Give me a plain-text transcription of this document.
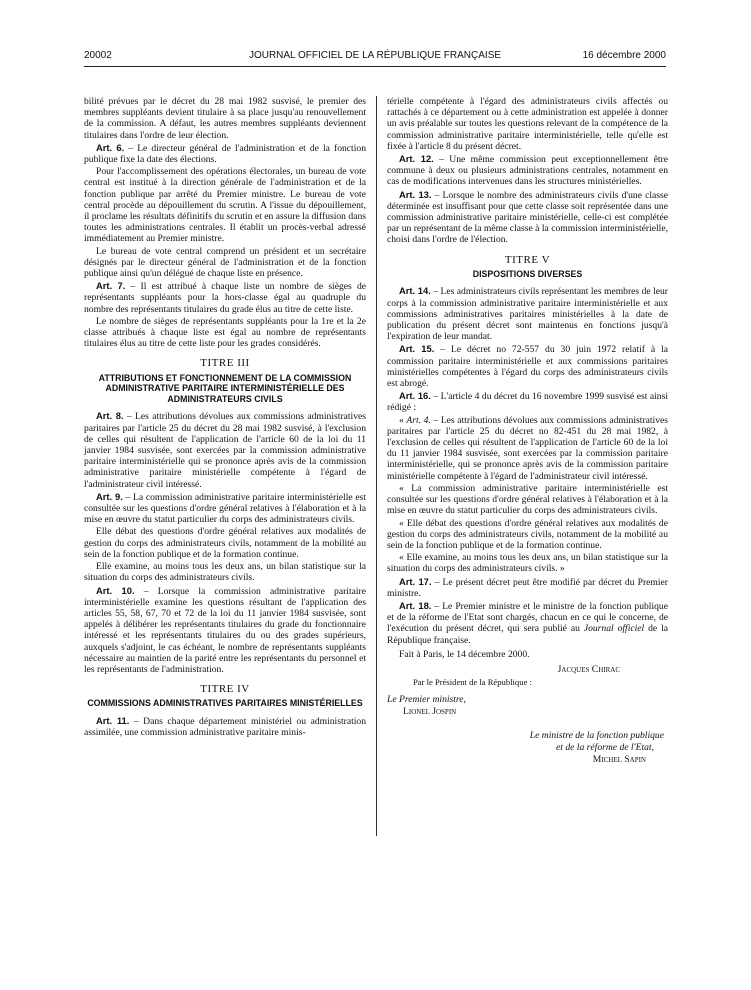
20002	JOURNAL OFFICIEL DE LA RÉPUBLIQUE FRANÇAISE	16 décembre 2000

bilité prévues par le décret du 28 mai 1982 susvisé, le premier des membres suppléants devient titulaire à sa place jusqu'au renouvellement de la commission. A défaut, les autres membres suppléants deviennent titulaires dans l'ordre de leur élection.

Art. 6. – Le directeur général de l'administration et de la fonction publique fixe la date des élections.

Pour l'accomplissement des opérations électorales, un bureau de vote central est institué à la direction générale de l'administration et de la fonction publique par arrêté du Premier ministre. Le bureau de vote central procède au dépouillement du scrutin. A l'issue du dépouillement, il proclame les résultats définitifs du scrutin et en assure la diffusion dans toutes les administrations centrales. Il établit un procès-verbal adressé immédiatement au Premier ministre.

Le bureau de vote central comprend un président et un secrétaire désignés par le directeur général de l'administration et de la fonction publique ainsi qu'un délégué de chaque liste en présence.

Art. 7. – Il est attribué à chaque liste un nombre de sièges de représentants suppléants pour la hors-classe égal au quadruple du nombre des représentants titulaires du grade élus au titre de cette liste.

Le nombre de sièges de représentants suppléants pour la 1re et la 2e classe attribués à chaque liste est égal au nombre de représentants titulaires élus au titre de cette liste pour les grades considérés.

TITRE III
ATTRIBUTIONS ET FONCTIONNEMENT DE LA COMMISSION ADMINISTRATIVE PARITAIRE INTERMINISTÉRIELLE DES ADMINISTRATEURS CIVILS

Art. 8. – Les attributions dévolues aux commissions administratives paritaires par l'article 25 du décret du 28 mai 1982 susvisé, à l'exclusion de celles qui résultent de l'application de l'article 60 de la loi du 11 janvier 1984 susvisée, sont exercées par la commission administrative paritaire interministérielle qui se prononce après avis de la commission administrative paritaire ministérielle compétente à l'égard de l'administrateur civil intéressé.

Art. 9. – La commission administrative paritaire interministérielle est consultée sur les questions d'ordre général relatives à l'élaboration et à la mise en œuvre du statut particulier du corps des administrateurs civils.

Elle débat des questions d'ordre général relatives aux modalités de gestion du corps des administrateurs civils, notamment de la mobilité au sein de la fonction publique et de la formation continue.

Elle examine, au moins tous les deux ans, un bilan statistique sur la situation du corps des administrateurs civils.

Art. 10. – Lorsque la commission administrative paritaire interministérielle examine les questions résultant de l'application des articles 55, 58, 67, 70 et 72 de la loi du 11 janvier 1984 susvisée, sont appelés à délibérer les représentants titulaires du grade du fonctionnaire intéressé et les représentants titulaires du ou des grades supérieurs, auxquels s'adjoint, le cas échéant, le nombre de représentants suppléants nécessaire au maintien de la parité entre les représentants du personnel et les représentants de l'administration.

TITRE IV
COMMISSIONS ADMINISTRATIVES PARITAIRES MINISTÉRIELLES

Art. 11. – Dans chaque département ministériel ou administration assimilée, une commission administrative paritaire minis-

térielle compétente à l'égard des administrateurs civils affectés ou rattachés à ce département ou à cette administration est appelée à donner un avis préalable sur toutes les questions relevant de la compétence de la commission administrative paritaire interministérielle, telle qu'elle est fixée à l'article 8 du présent décret.

Art. 12. – Une même commission peut exceptionnellement être commune à deux ou plusieurs administrations centrales, notamment en cas de modifications intervenues dans les structures ministérielles.

Art. 13. – Lorsque le nombre des administrateurs civils d'une classe déterminée est insuffisant pour que cette classe soit représentée dans une commission administrative paritaire ministérielle, celle-ci est complétée par un représentant de la même classe à la commission interministérielle, choisi dans l'ordre de l'élection.

TITRE V
DISPOSITIONS DIVERSES

Art. 14. – Les administrateurs civils représentant les membres de leur corps à la commission administrative paritaire interministérielle et aux commissions administratives paritaires ministérielles à la date de publication du présent décret sont maintenus en fonctions jusqu'à l'expiration de leur mandat.

Art. 15. – Le décret no 72-557 du 30 juin 1972 relatif à la commission paritaire interministérielle et aux commissions paritaires ministérielles compétentes à l'égard du corps des administrateurs civils est abrogé.

Art. 16. – L'article 4 du décret du 16 novembre 1999 susvisé est ainsi rédigé :

« Art. 4. – Les attributions dévolues aux commissions administratives paritaires par l'article 25 du décret no 82-451 du 28 mai 1982, à l'exclusion de celles qui résultent de l'application de l'article 60 de la loi du 11 janvier 1984 susvisée, sont exercées par la commission paritaire interministérielle, qui se prononce après avis de la commission paritaire ministérielle compétente à l'égard de l'administrateur civil intéressé.

« La commission administrative paritaire interministérielle est consultée sur les questions d'ordre général relatives à l'élaboration et à la mise en œuvre du statut particulier du corps des administrateurs civils.

« Elle débat des questions d'ordre général relatives aux modalités de gestion du corps des administrateurs civils, notamment de la mobilité au sein de la fonction publique et de la formation continue.

« Elle examine, au moins tous les deux ans, un bilan statistique sur la situation du corps des administrateurs civils. »

Art. 17. – Le présent décret peut être modifié par décret du Premier ministre.

Art. 18. – Le Premier ministre et le ministre de la fonction publique et de la réforme de l'Etat sont chargés, chacun en ce qui le concerne, de l'exécution du présent décret, qui sera publié au Journal officiel de la République française.

Fait à Paris, le 14 décembre 2000.
Jacques Chirac
Par le Président de la République :
Le Premier ministre,
Lionel Jospin
Le ministre de la fonction publique
et de la réforme de l'Etat,
Michel Sapin
